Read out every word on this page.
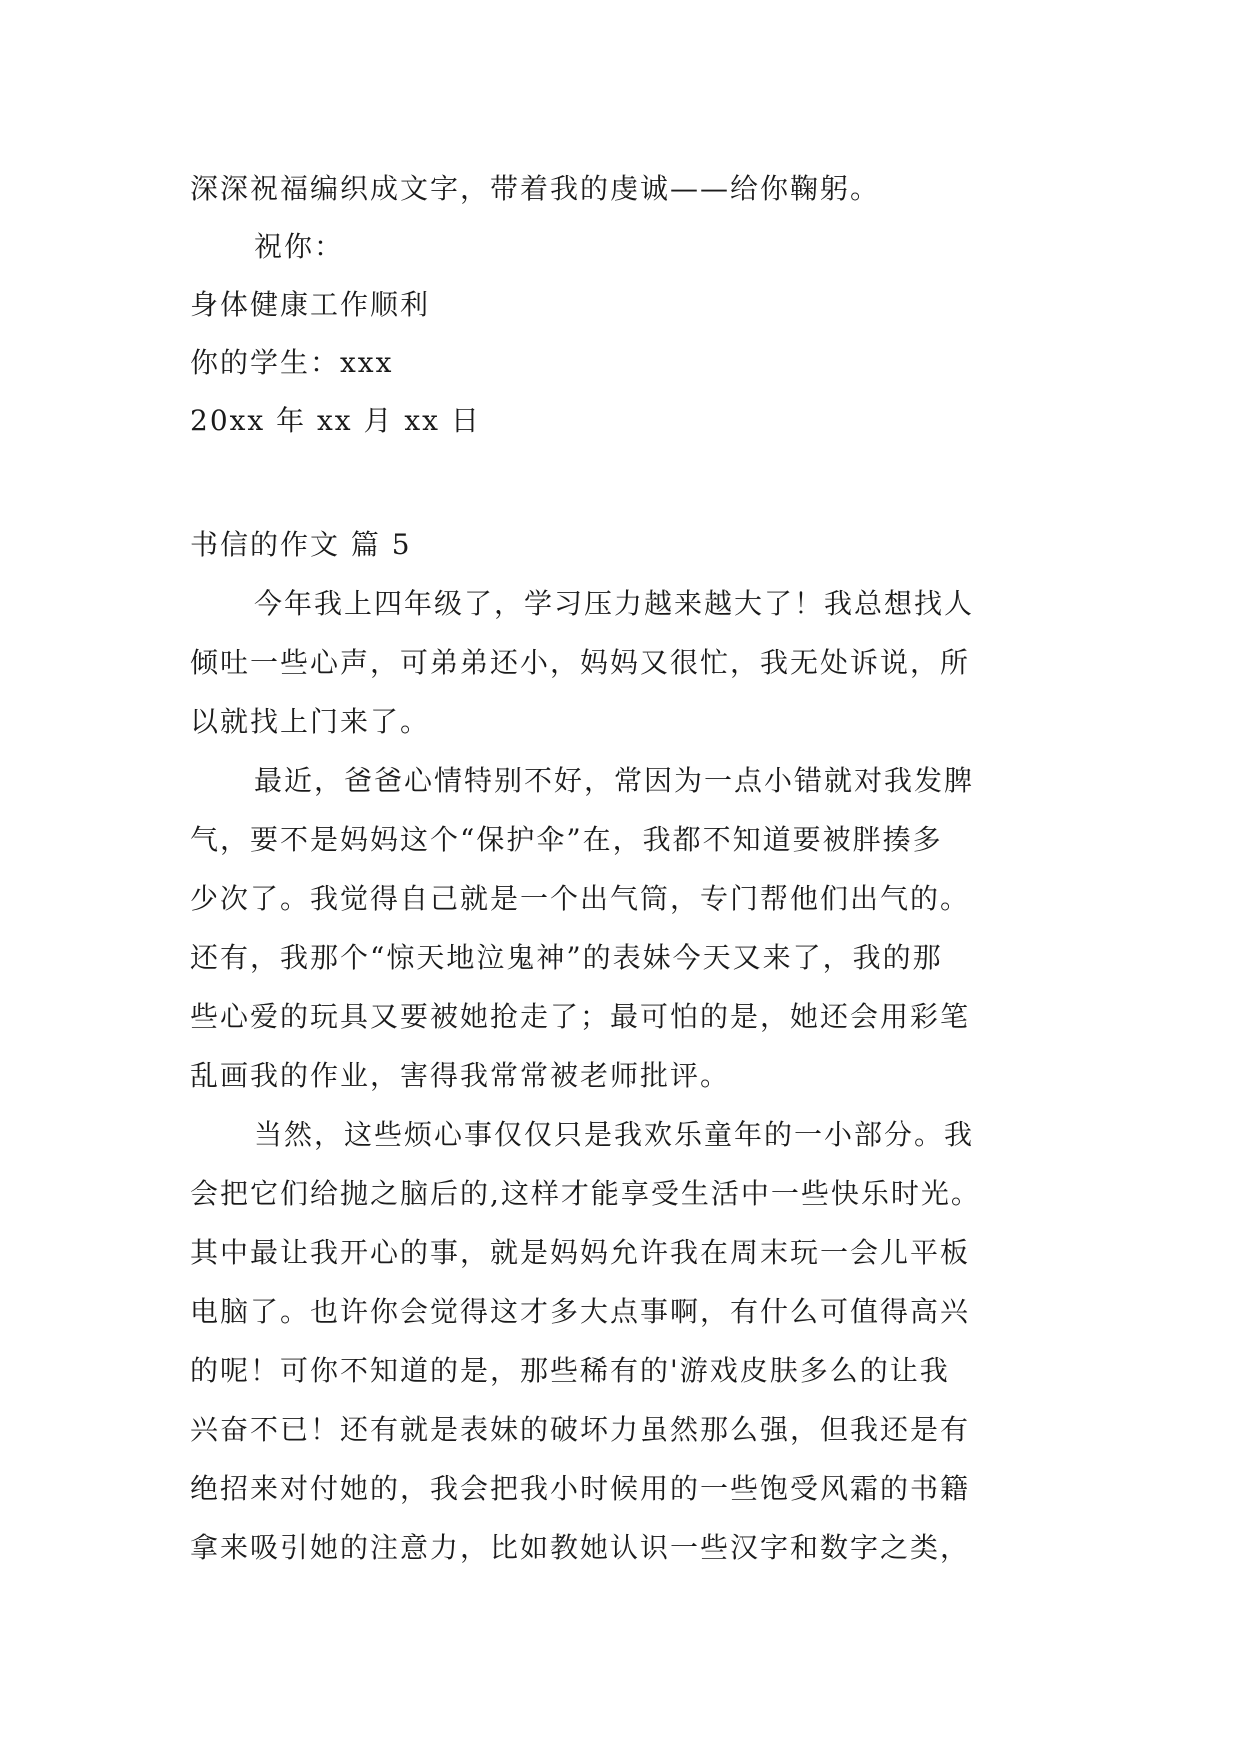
深深祝福编织成文字，带着我的虔诚——给你鞠躬。
祝你：
身体健康工作顺利
你的学生：xxx
20xx 年 xx 月 xx 日
书信的作文 篇 5
今年我上四年级了，学习压力越来越大了！我总想找人
倾吐一些心声，可弟弟还小，妈妈又很忙，我无处诉说，所
以就找上门来了。
最近，爸爸心情特别不好，常因为一点小错就对我发脾
气，要不是妈妈这个“保护伞”在，我都不知道要被胖揍多
少次了。我觉得自己就是一个出气筒，专门帮他们出气的。
还有，我那个“惊天地泣鬼神”的表妹今天又来了，我的那
些心爱的玩具又要被她抢走了；最可怕的是，她还会用彩笔
乱画我的作业，害得我常常被老师批评。
当然，这些烦心事仅仅只是我欢乐童年的一小部分。我
会把它们给抛之脑后的,这样才能享受生活中一些快乐时光。
其中最让我开心的事，就是妈妈允许我在周末玩一会儿平板
电脑了。也许你会觉得这才多大点事啊，有什么可值得高兴
的呢！可你不知道的是，那些稀有的'游戏皮肤多么的让我
兴奋不已！还有就是表妹的破坏力虽然那么强，但我还是有
绝招来对付她的，我会把我小时候用的一些饱受风霜的书籍
拿来吸引她的注意力，比如教她认识一些汉字和数字之类，
